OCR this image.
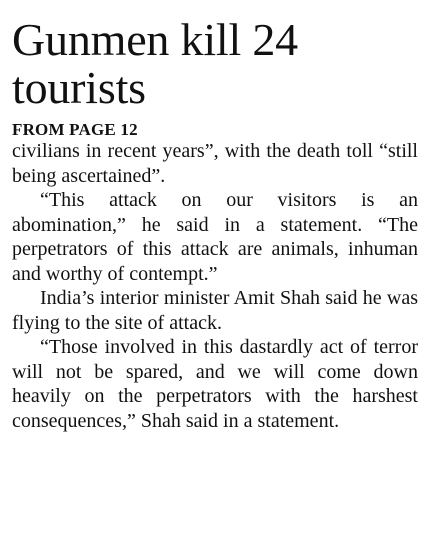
Gunmen kill 24 tourists
FROM PAGE 12

civilians in recent years”, with the death toll “still being ascertained”.

“This attack on our visitors is an abomination,” he said in a statement. “The perpetrators of this attack are animals, inhuman and worthy of contempt.”

India’s interior minister Amit Shah said he was flying to the site of attack.

“Those involved in this dastardly act of terror will not be spared, and we will come down heavily on the perpetrators with the harshest consequences,” Shah said in a statement.
